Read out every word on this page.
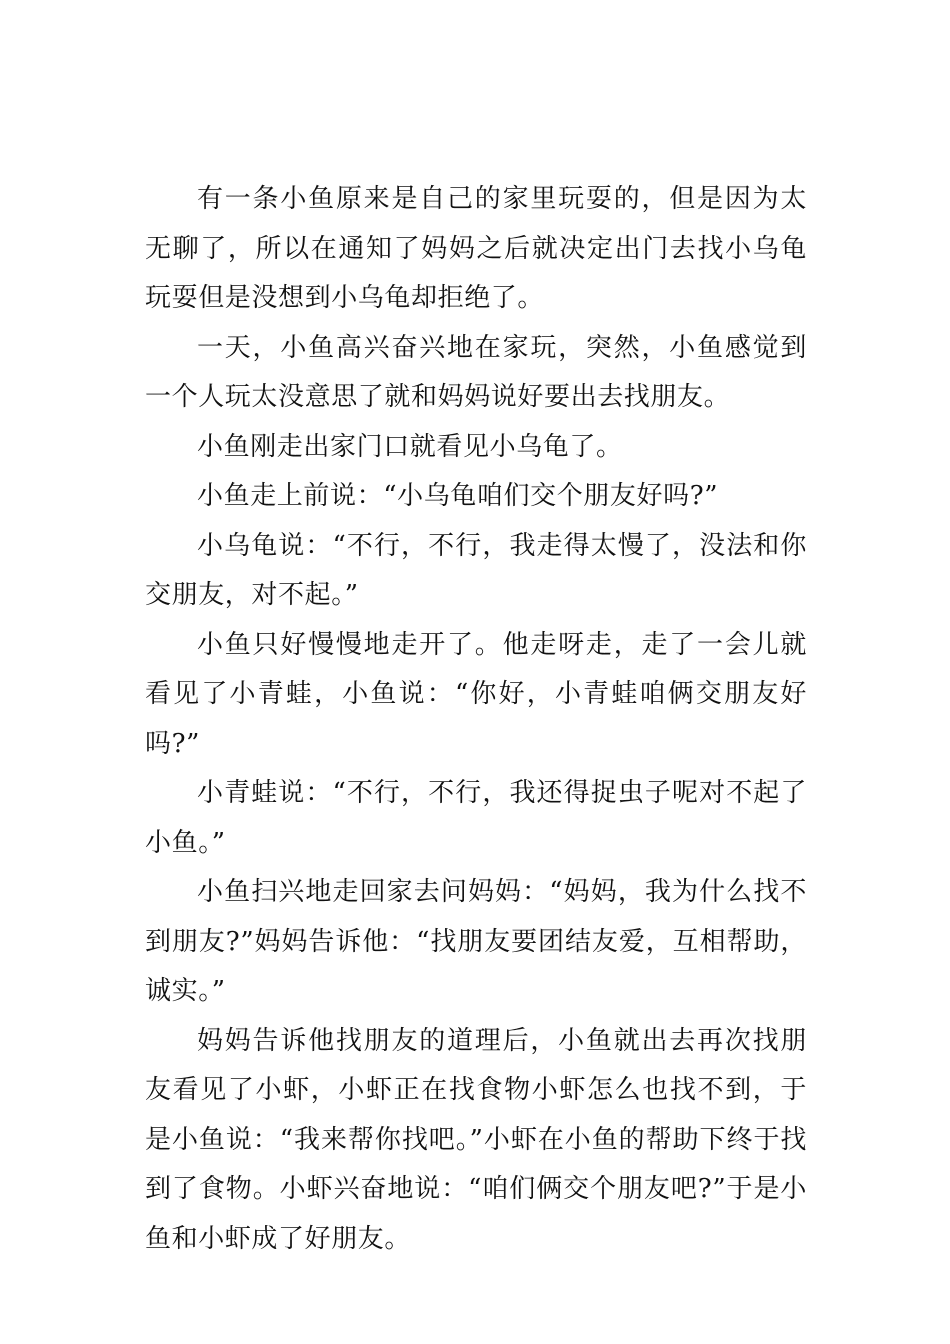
有一条小鱼原来是自己的家里玩耍的，但是因为太无聊了，所以在通知了妈妈之后就决定出门去找小乌龟玩耍但是没想到小乌龟却拒绝了。

一天，小鱼高兴奋兴地在家玩，突然，小鱼感觉到一个人玩太没意思了就和妈妈说好要出去找朋友。

小鱼刚走出家门口就看见小乌龟了。

小鱼走上前说：“小乌龟咱们交个朋友好吗?”

小乌龟说：“不行，不行，我走得太慢了，没法和你交朋友，对不起。”

小鱼只好慢慢地走开了。他走呀走，走了一会儿就看见了小青蛙，小鱼说：“你好，小青蛙咱俩交朋友好吗?”

小青蛙说：“不行，不行，我还得捉虫子呢对不起了小鱼。”

小鱼扫兴地走回家去问妈妈：“妈妈，我为什么找不到朋友?”妈妈告诉他：“找朋友要团结友爱，互相帮助，诚实。”

妈妈告诉他找朋友的道理后，小鱼就出去再次找朋友看见了小虾，小虾正在找食物小虾怎么也找不到，于是小鱼说：“我来帮你找吧。”小虾在小鱼的帮助下终于找到了食物。小虾兴奋地说：“咱们俩交个朋友吧?”于是小鱼和小虾成了好朋友。
